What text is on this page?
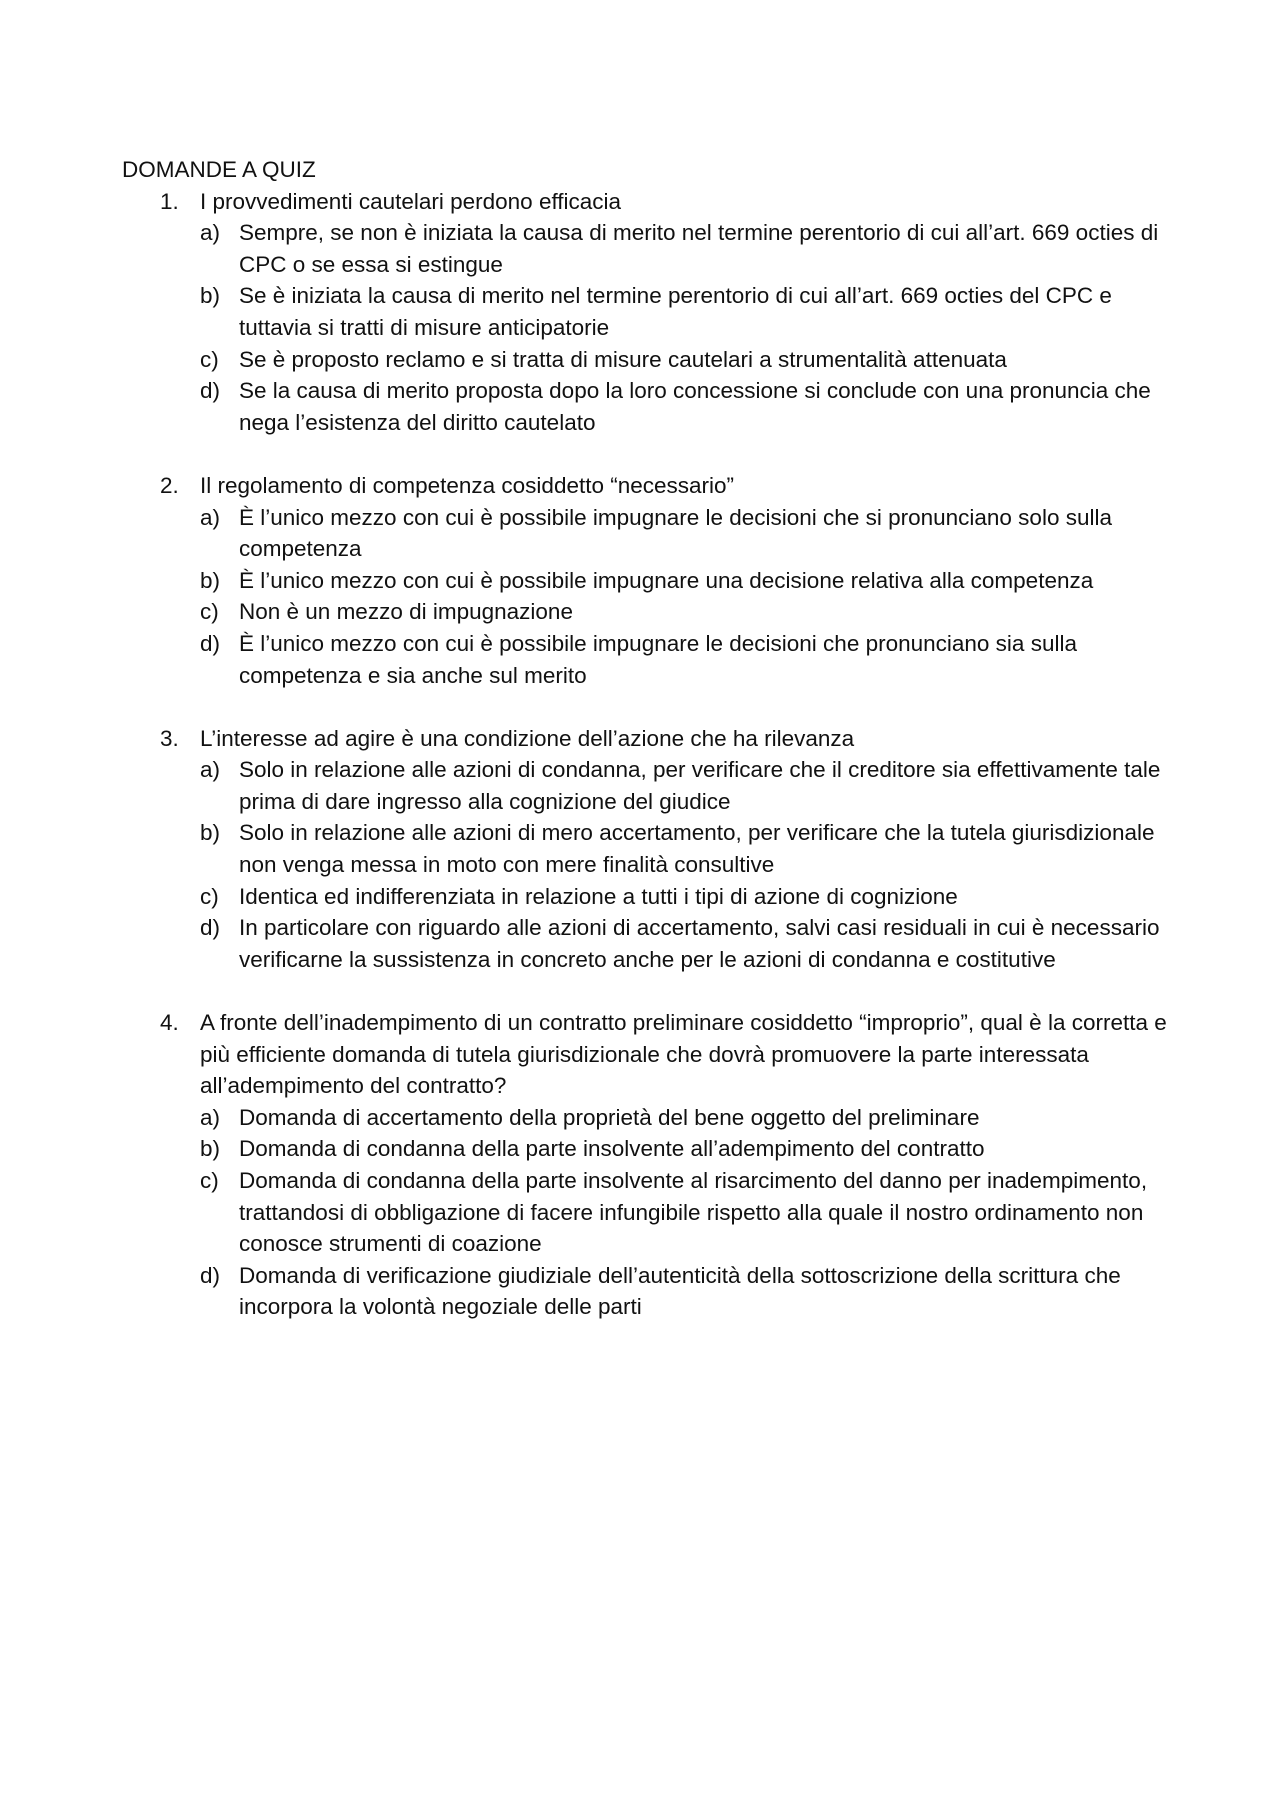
DOMANDE A QUIZ
1. I provvedimenti cautelari perdono efficacia
a) Sempre, se non è iniziata la causa di merito nel termine perentorio di cui all’art. 669 octies di CPC o se essa si estingue
b) Se è iniziata la causa di merito nel termine perentorio di cui all’art. 669 octies del CPC e tuttavia si tratti di misure anticipatorie
c) Se è proposto reclamo e si tratta di misure cautelari a strumentalità attenuata
d) Se la causa di merito proposta dopo la loro concessione si conclude con una pronuncia che nega l’esistenza del diritto cautelato
2. Il regolamento di competenza cosiddetto “necessario”
a) È l’unico mezzo con cui è possibile impugnare le decisioni che si pronunciano solo sulla competenza
b) È l’unico mezzo con cui è possibile impugnare una decisione relativa alla competenza
c) Non è un mezzo di impugnazione
d) È l’unico mezzo con cui è possibile impugnare le decisioni che pronunciano sia sulla competenza e sia anche sul merito
3. L’interesse ad agire è una condizione dell’azione che ha rilevanza
a) Solo in relazione alle azioni di condanna, per verificare che il creditore sia effettivamente tale prima di dare ingresso alla cognizione del giudice
b) Solo in relazione alle azioni di mero accertamento, per verificare che la tutela giurisdizionale non venga messa in moto con mere finalità consultive
c) Identica ed indifferenziata in relazione a tutti i tipi di azione di cognizione
d) In particolare con riguardo alle azioni di accertamento, salvi casi residuali in cui è necessario verificarne la sussistenza in concreto anche per le azioni di condanna e costitutive
4. A fronte dell’inadempimento di un contratto preliminare cosiddetto “improprio”, qual è la corretta e più efficiente domanda di tutela giurisdizionale che dovrà promuovere la parte interessata all’adempimento del contratto?
a) Domanda di accertamento della proprietà del bene oggetto del preliminare
b) Domanda di condanna della parte insolvente all’adempimento del contratto
c) Domanda di condanna della parte insolvente al risarcimento del danno per inadempimento, trattandosi di obbligazione di facere infungibile rispetto alla quale il nostro ordinamento non conosce strumenti di coazione
d) Domanda di verificazione giudiziale dell’autenticità della sottoscrizione della scrittura che incorpora la volontà negoziale delle parti
